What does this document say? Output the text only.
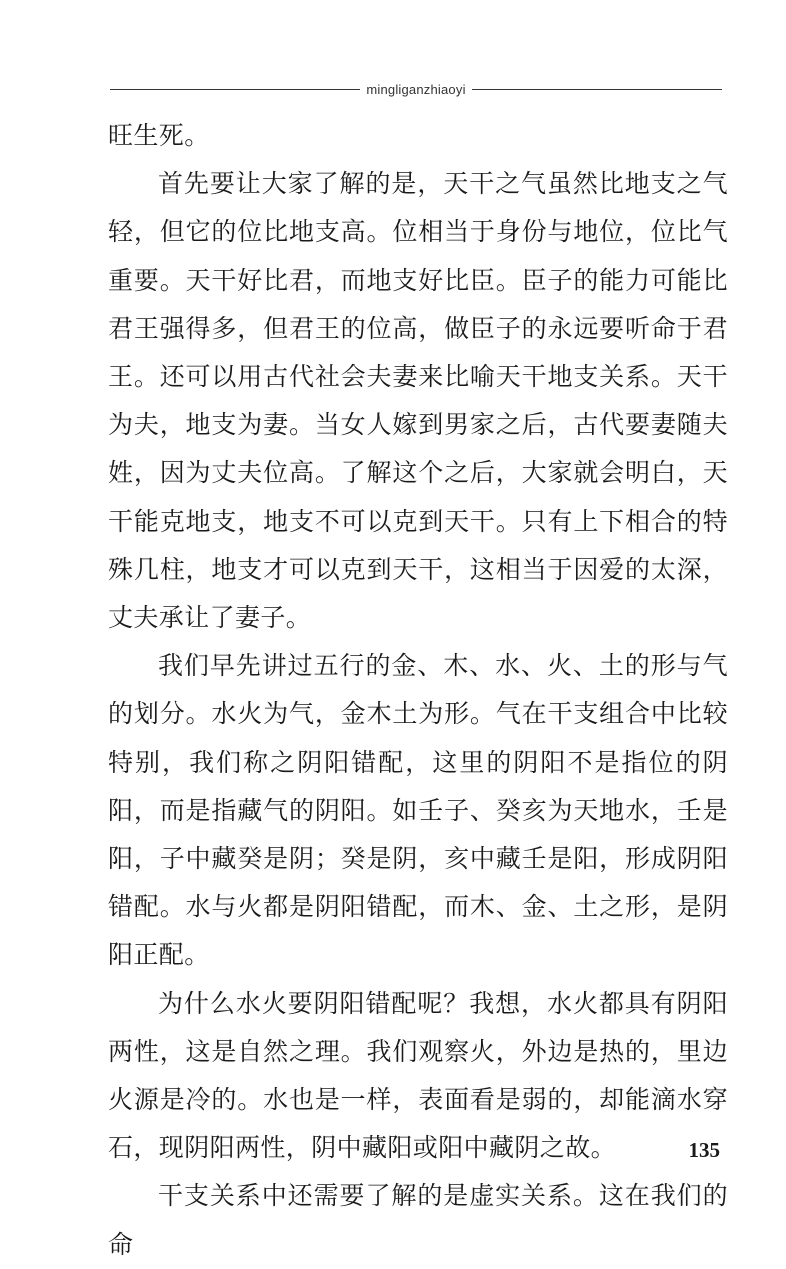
mingliganzhiaoyi

旺生死。

首先要让大家了解的是，天干之气虽然比地支之气轻，但它的位比地支高。位相当于身份与地位，位比气重要。天干好比君，而地支好比臣。臣子的能力可能比君王强得多，但君王的位高，做臣子的永远要听命于君王。还可以用古代社会夫妻来比喻天干地支关系。天干为夫，地支为妻。当女人嫁到男家之后，古代要妻随夫姓，因为丈夫位高。了解这个之后，大家就会明白，天干能克地支，地支不可以克到天干。只有上下相合的特殊几柱，地支才可以克到天干，这相当于因爱的太深，丈夫承让了妻子。

我们早先讲过五行的金、木、水、火、土的形与气的划分。水火为气，金木土为形。气在干支组合中比较特别，我们称之阴阳错配，这里的阴阳不是指位的阴阳，而是指藏气的阴阳。如壬子、癸亥为天地水，壬是阳，子中藏癸是阴；癸是阴，亥中藏壬是阳，形成阴阳错配。水与火都是阴阳错配，而木、金、土之形，是阴阳正配。

为什么水火要阴阳错配呢？我想，水火都具有阴阳两性，这是自然之理。我们观察火，外边是热的，里边火源是冷的。水也是一样，表面看是弱的，却能滴水穿石，现阴阳两性，阴中藏阳或阳中藏阴之故。

干支关系中还需要了解的是虚实关系。这在我们的命

135
